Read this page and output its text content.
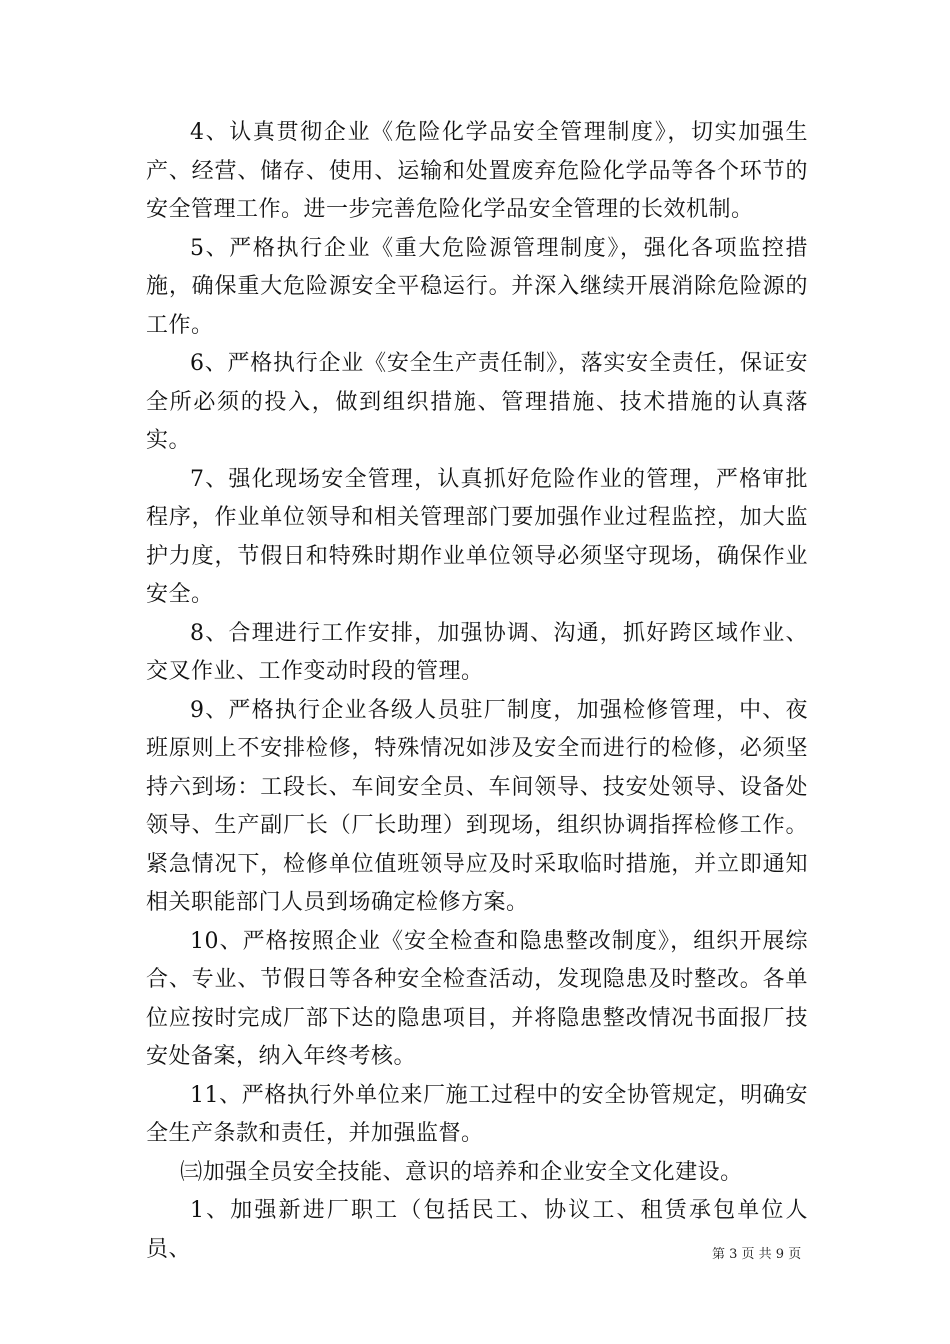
4、认真贯彻企业《危险化学品安全管理制度》，切实加强生产、经营、储存、使用、运输和处置废弃危险化学品等各个环节的安全管理工作。进一步完善危险化学品安全管理的长效机制。

5、严格执行企业《重大危险源管理制度》，强化各项监控措施，确保重大危险源安全平稳运行。并深入继续开展消除危险源的工作。

6、严格执行企业《安全生产责任制》，落实安全责任，保证安全所必须的投入，做到组织措施、管理措施、技术措施的认真落实。

7、强化现场安全管理，认真抓好危险作业的管理，严格审批程序，作业单位领导和相关管理部门要加强作业过程监控，加大监护力度，节假日和特殊时期作业单位领导必须坚守现场，确保作业安全。

8、合理进行工作安排，加强协调、沟通，抓好跨区域作业、交叉作业、工作变动时段的管理。

9、严格执行企业各级人员驻厂制度，加强检修管理，中、夜班原则上不安排检修，特殊情况如涉及安全而进行的检修，必须坚持六到场：工段长、车间安全员、车间领导、技安处领导、设备处领导、生产副厂长（厂长助理）到现场，组织协调指挥检修工作。紧急情况下，检修单位值班领导应及时采取临时措施，并立即通知相关职能部门人员到场确定检修方案。

10、严格按照企业《安全检查和隐患整改制度》，组织开展综合、专业、节假日等各种安全检查活动，发现隐患及时整改。各单位应按时完成厂部下达的隐患项目，并将隐患整改情况书面报厂技安处备案，纳入年终考核。

11、严格执行外单位来厂施工过程中的安全协管规定，明确安全生产条款和责任，并加强监督。

㈢加强全员安全技能、意识的培养和企业安全文化建设。

1、加强新进厂职工（包括民工、协议工、租赁承包单位人员、	第 3 页 共 9 页
